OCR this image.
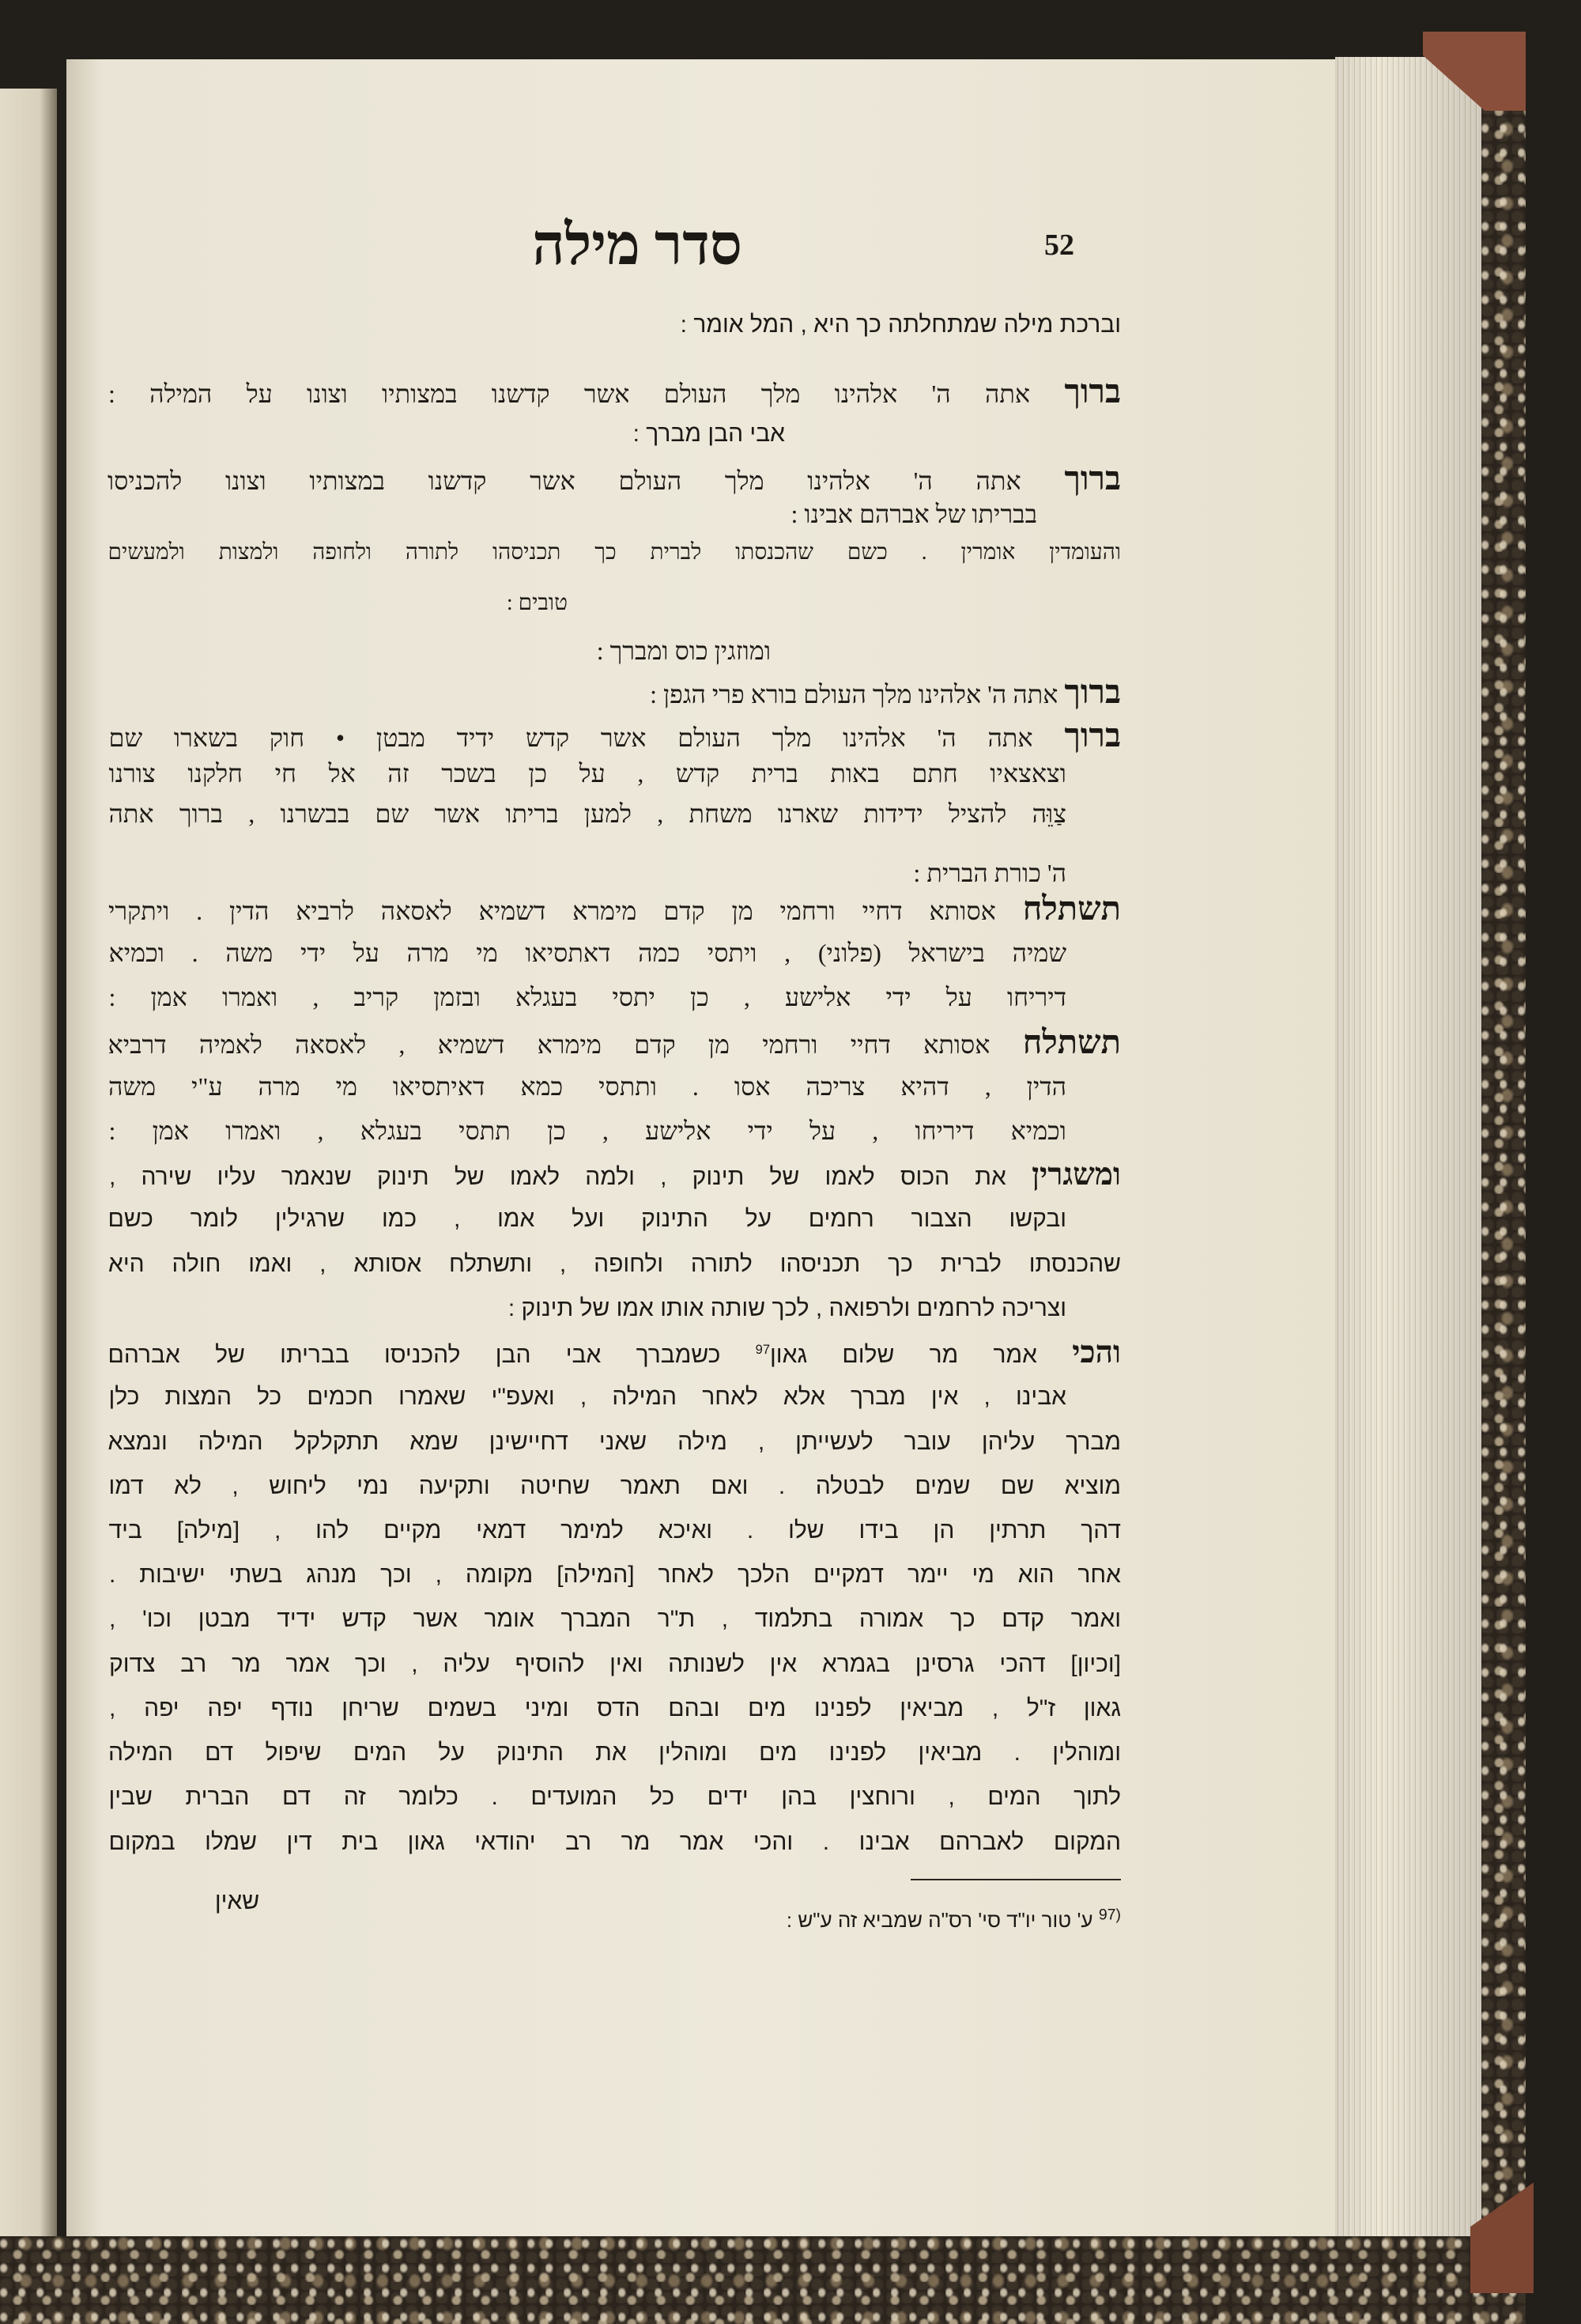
סדר מילה	52
וברכת מילה שמתחלתה כך היא , המל אומר :
ברוך אתה ה' אלהינו מלך העולם אשר קדשנו במצותיו וצונו על המילה :
אבי הבן מברך :
ברוך אתה ה' אלהינו מלך העולם אשר קדשנו במצותיו וצונו להכניסו
בבריתו של אברהם אבינו :
והעומדין אומרין . כשם שהכנסתו לברית כך תכניסהו לתורה ולחופה ולמצות ולמעשים
טובים :
ומוזגין כוס ומברך :
ברוך אתה ה' אלהינו מלך העולם בורא פרי הגפן :
ברוך אתה ה' אלהינו מלך העולם אשר קדש ידיד מבטן • חוק בשארו שם
וצאצאיו חתם באות ברית קדש , על כן בשכר זה אל חי חלקנו צורנו
צַוֵּה להציל ידידות שארנו משחת , למען בריתו אשר שם בבשרנו , ברוך אתה
ה' כורת הברית :
תשתלח אסותא דחיי ורחמי מן קדם מימרא דשמיא לאסאה לרביא הדין . ויתקרי
שמיה בישראל (פלוני) , ויתסי כמה דאתסיאו מי מרה על ידי משה . וכמיא
דיריחו על ידי אלישע , כן יתסי בעגלא ובזמן קריב , ואמרו אמן :
תשתלח אסותא דחיי ורחמי מן קדם מימרא דשמיא , לאסאה לאמיה דרביא
הדין , דהיא צריכה אסו . ותתסי כמא דאיתסיאו מי מרה ע"י משה
וכמיא דיריחו , על ידי אלישע , כן תתסי בעגלא , ואמרו אמן :
ומשגרין את הכוס לאמו של תינוק , ולמה לאמו של תינוק שנאמר עליו שירה ,
ובקשו הצבור רחמים על התינוק ועל אמו , כמו שרגילין לומר כשם
שהכנסתו לברית כך תכניסהו לתורה ולחופה , ותשתלח אסותא , ואמו חולה היא
וצריכה לרחמים ולרפואה , לכך שותה אותו אמו של תינוק :
והכי אמר מר שלום גאון$^{97}$ כשמברך אבי הבן להכניסו בבריתו של אברהם
אבינו , אין מברך אלא לאחר המילה , ואעפ"י שאמרו חכמים כל המצות כלן
מברך עליהן עובר לעשייתן , מילה שאני דחיישינן שמא תתקלקל המילה ונמצא
מוציא שם שמים לבטלה . ואם תאמר שחיטה ותקיעה נמי ליחוש , לא דמו
דהך תרתין הן בידו שלו . ואיכא למימר דמאי מקיים להו , [מילה] ביד
אחר הוא מי יימר דמקיים הלכך לאחר [המילה] מקומה , וכך מנהג בשתי ישיבות .
ואמר קדם כך אמורה בתלמוד , ת"ר המברך אומר אשר קדש ידיד מבטן וכו' ,
[וכיון] דהכי גרסינן בגמרא אין לשנותה ואין להוסיף עליה , וכך אמר מר רב צדוק
גאון ז"ל , מביאין לפנינו מים ובהם הדס ומיני בשמים שריחן נודף יפה יפה ,
ומוהלין . מביאין לפנינו מים ומוהלין את התינוק על המים שיפול דם המילה
לתוך המים , ורוחצין בהן ידים כל המועדים . כלומר זה דם הברית שבין
המקום לאברהם אבינו . והכי אמר מר רב יהודאי גאון בית דין שמלו במקום
שאין
$^{97)}$ ע' טור יו"ד סי' רס"ה שמביא זה ע"ש :
